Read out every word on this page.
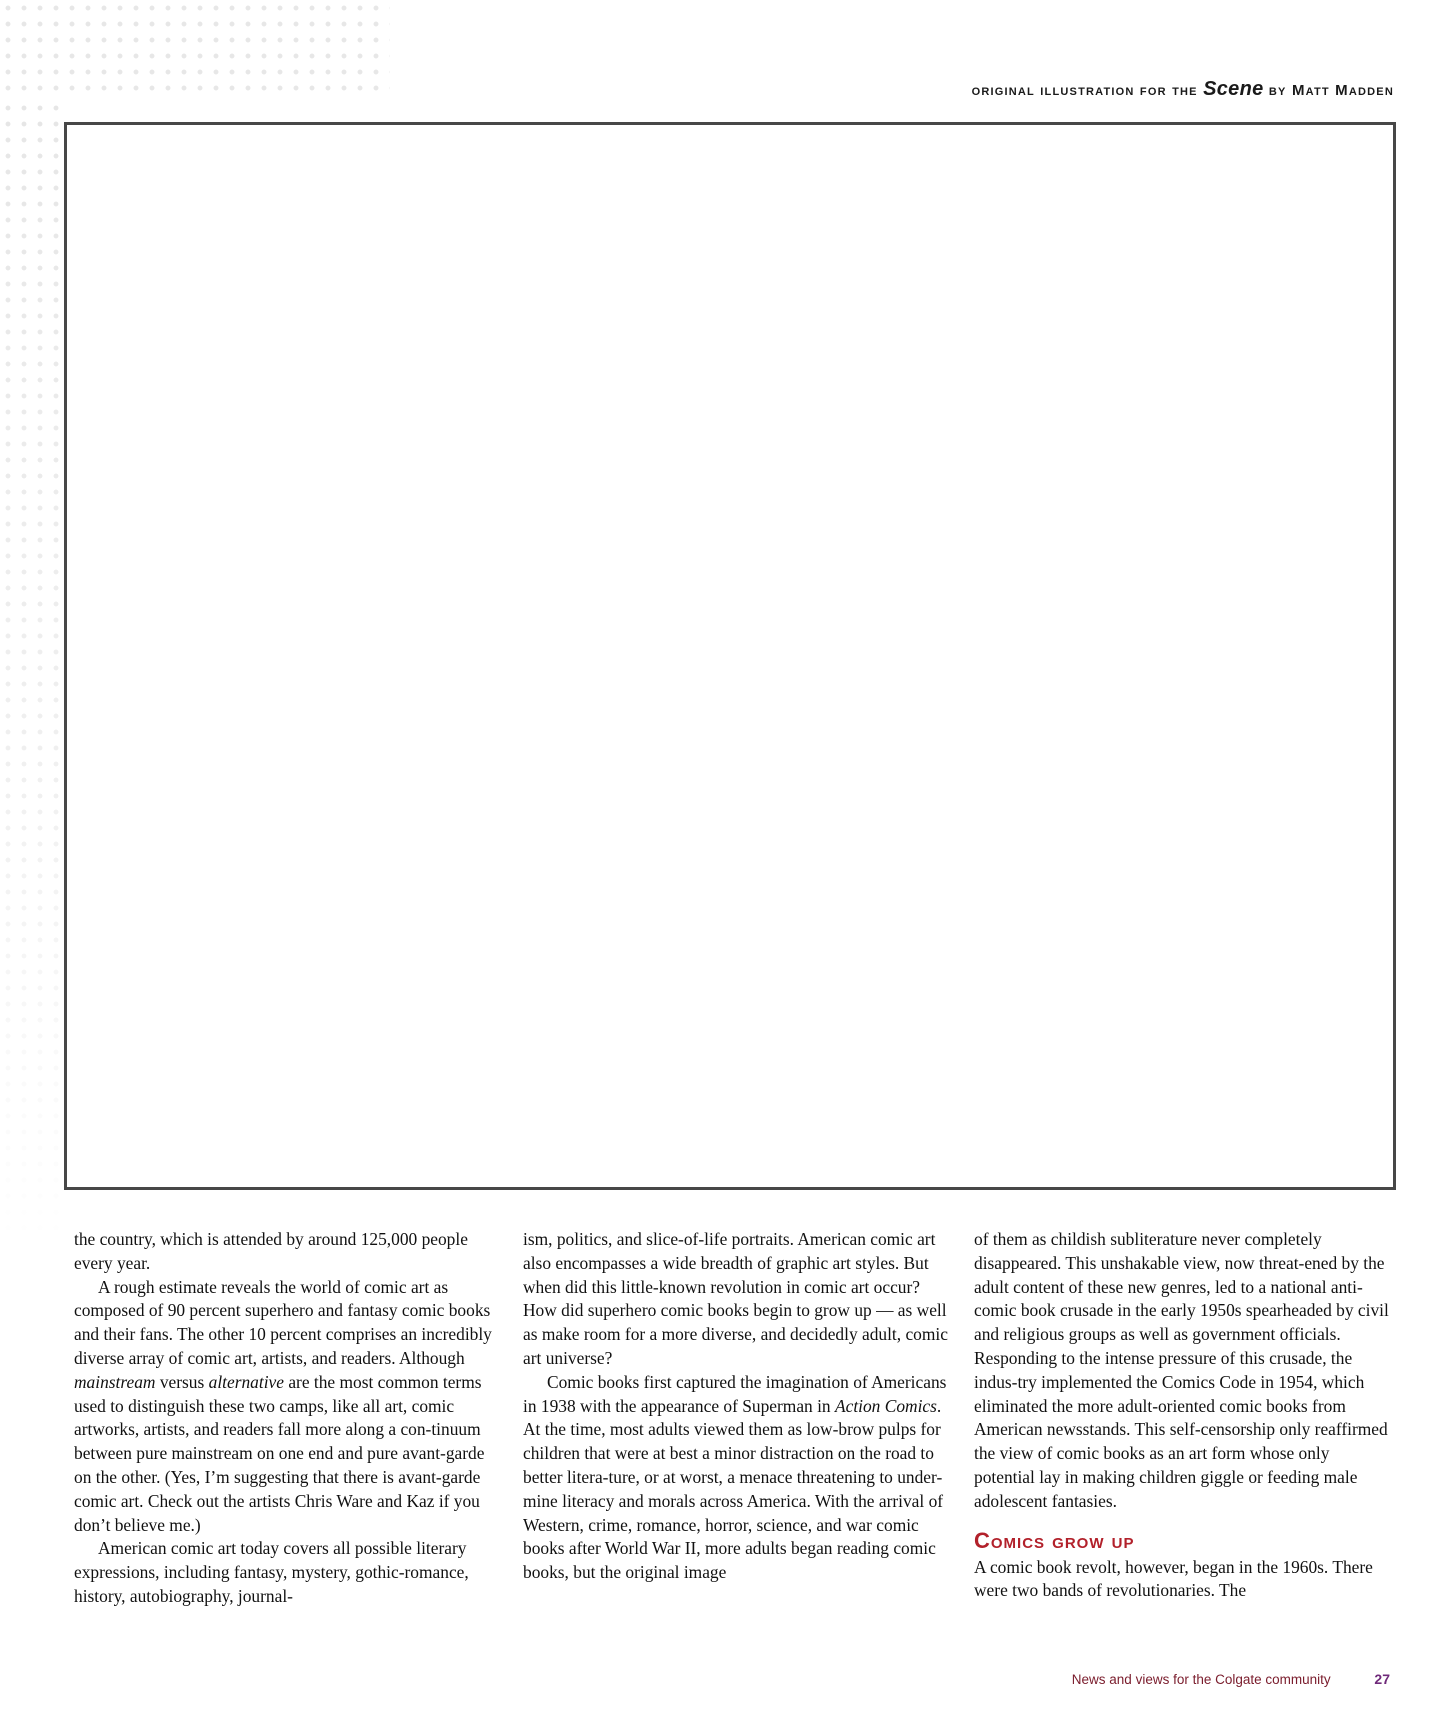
original illustration for the Scene by Matt Madden

the country, which is attended by around 125,000 people every year.

A rough estimate reveals the world of comic art as composed of 90 percent superhero and fantasy comic books and their fans. The other 10 percent comprises an incredibly diverse array of comic art, artists, and readers. Although mainstream versus alternative are the most common terms used to distinguish these two camps, like all art, comic artworks, artists, and readers fall more along a con-tinuum between pure mainstream on one end and pure avant-garde on the other. (Yes, I’m suggesting that there is avant-garde comic art. Check out the artists Chris Ware and Kaz if you don’t believe me.)

American comic art today covers all possible literary expressions, including fantasy, mystery, gothic-romance, history, autobiography, journal-

ism, politics, and slice-of-life portraits. American comic art also encompasses a wide breadth of graphic art styles. But when did this little-known revolution in comic art occur? How did superhero comic books begin to grow up — as well as make room for a more diverse, and decidedly adult, comic art universe?

Comic books first captured the imagination of Americans in 1938 with the appearance of Superman in Action Comics. At the time, most adults viewed them as low-brow pulps for children that were at best a minor distraction on the road to better litera-ture, or at worst, a menace threatening to under-mine literacy and morals across America. With the arrival of Western, crime, romance, horror, science, and war comic books after World War II, more adults began reading comic books, but the original image

of them as childish subliterature never completely disappeared. This unshakable view, now threat-ened by the adult content of these new genres, led to a national anti-comic book crusade in the early 1950s spearheaded by civil and religious groups as well as government officials. Responding to the intense pressure of this crusade, the indus-try implemented the Comics Code in 1954, which eliminated the more adult-oriented comic books from American newsstands. This self-censorship only reaffirmed the view of comic books as an art form whose only potential lay in making children giggle or feeding male adolescent fantasies.

Comics grow up

A comic book revolt, however, began in the 1960s. There were two bands of revolutionaries. The

News and views for the Colgate community	27
